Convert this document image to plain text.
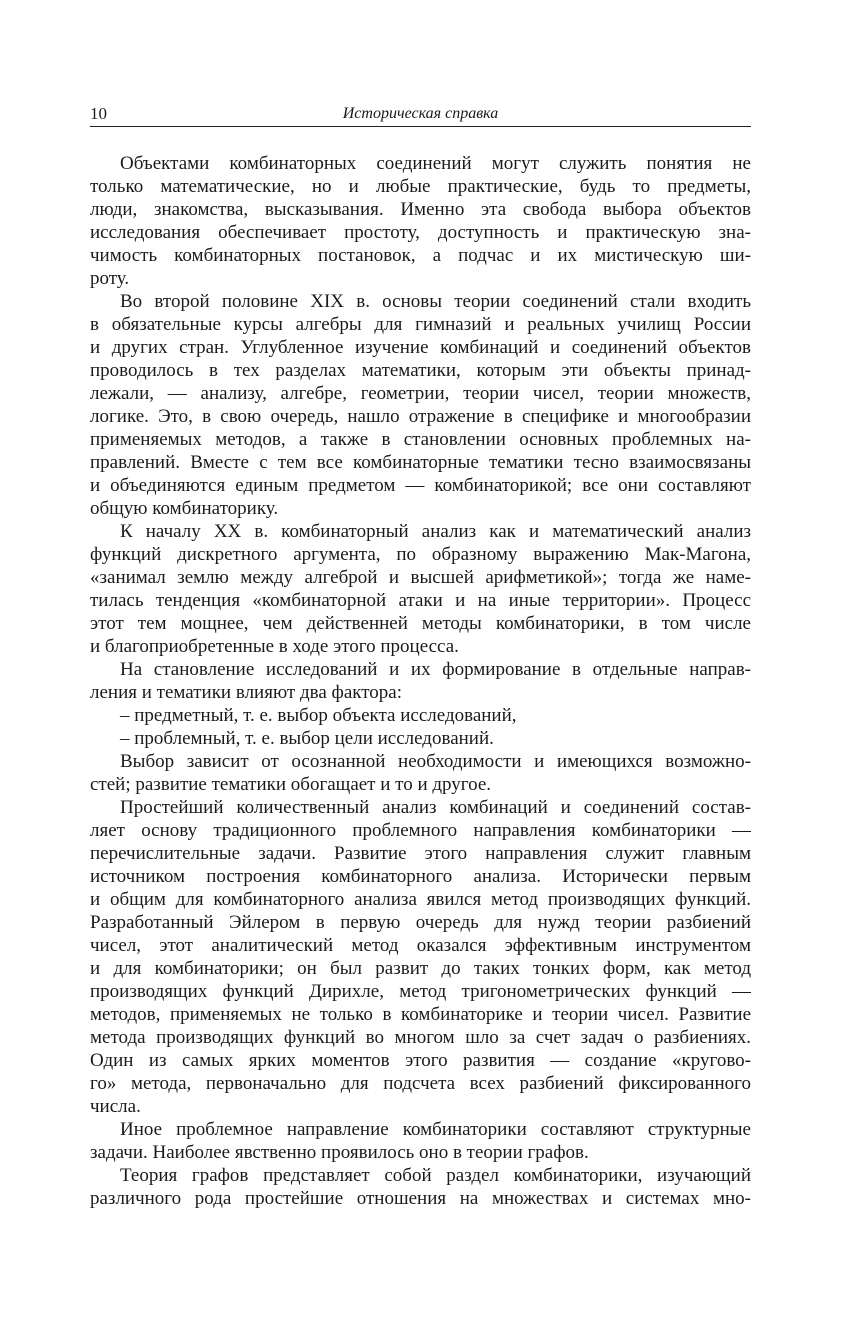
10	Историческая справка
Объектами комбинаторных соединений могут служить понятия не
только математические, но и любые практические, будь то предметы,
люди, знакомства, высказывания. Именно эта свобода выбора объектов
исследования обеспечивает простоту, доступность и практическую зна-
чимость комбинаторных постановок, а подчас и их мистическую ши-
роту.
Во второй половине XIX в. основы теории соединений стали входить
в обязательные курсы алгебры для гимназий и реальных училищ России
и других стран. Углубленное изучение комбинаций и соединений объектов
проводилось в тех разделах математики, которым эти объекты принад-
лежали, — анализу, алгебре, геометрии, теории чисел, теории множеств,
логике. Это, в свою очередь, нашло отражение в специфике и многообразии
применяемых методов, а также в становлении основных проблемных на-
правлений. Вместе с тем все комбинаторные тематики тесно взаимосвязаны
и объединяются единым предметом — комбинаторикой; все они составляют
общую комбинаторику.
К началу XX в. комбинаторный анализ как и математический анализ
функций дискретного аргумента, по образному выражению Мак-Магона,
«занимал землю между алгеброй и высшей арифметикой»; тогда же наме-
тилась тенденция «комбинаторной атаки и на иные территории». Процесс
этот тем мощнее, чем действенней методы комбинаторики, в том числе
и благоприобретенные в ходе этого процесса.
На становление исследований и их формирование в отдельные направ-
ления и тематики влияют два фактора:
– предметный, т. е. выбор объекта исследований,
– проблемный, т. е. выбор цели исследований.
Выбор зависит от осознанной необходимости и имеющихся возможно-
стей; развитие тематики обогащает и то и другое.
Простейший количественный анализ комбинаций и соединений состав-
ляет основу традиционного проблемного направления комбинаторики —
перечислительные задачи. Развитие этого направления служит главным
источником построения комбинаторного анализа. Исторически первым
и общим для комбинаторного анализа явился метод производящих функций.
Разработанный Эйлером в первую очередь для нужд теории разбиений
чисел, этот аналитический метод оказался эффективным инструментом
и для комбинаторики; он был развит до таких тонких форм, как метод
производящих функций Дирихле, метод тригонометрических функций —
методов, применяемых не только в комбинаторике и теории чисел. Развитие
метода производящих функций во многом шло за счет задач о разбиениях.
Один из самых ярких моментов этого развития — создание «кругово-
го» метода, первоначально для подсчета всех разбиений фиксированного
числа.
Иное проблемное направление комбинаторики составляют структурные
задачи. Наиболее явственно проявилось оно в теории графов.
Теория графов представляет собой раздел комбинаторики, изучающий
различного рода простейшие отношения на множествах и системах мно-
